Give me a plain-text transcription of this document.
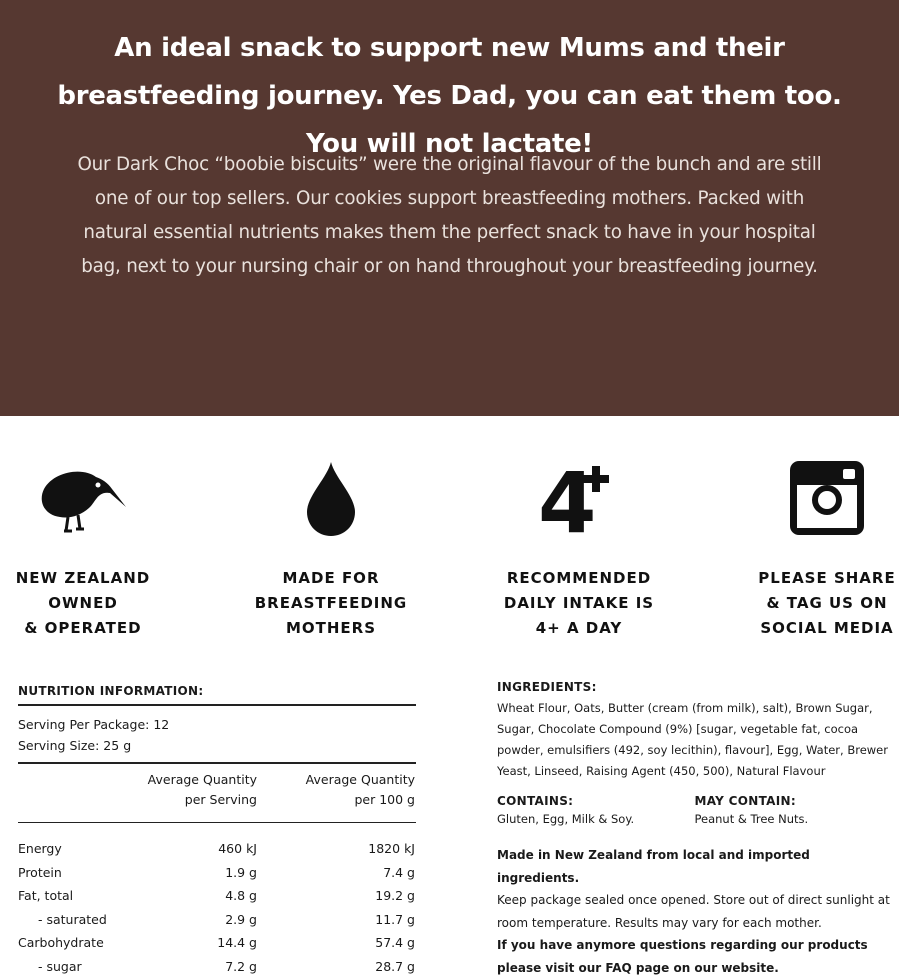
An ideal snack to support new Mums and their breastfeeding journey. Yes Dad, you can eat them too. You will not lactate!

Our Dark Choc “boobie biscuits” were the original flavour of the bunch and are still one of our top sellers. Our cookies support breastfeeding mothers. Packed with natural essential nutrients makes them the perfect snack to have in your hospital bag, next to your nursing chair or on hand throughout your breastfeeding journey.

NEW ZEALAND
OWNED
& OPERATED
MADE FOR
BREASTFEEDING
MOTHERS
4
RECOMMENDED
DAILY INTAKE IS
4+ A DAY
PLEASE SHARE
& TAG US ON
SOCIAL MEDIA
NUTRITION INFORMATION:
Serving Per Package: 12
Serving Size: 25 g
Average Quantity
per Serving
Average Quantity
per 100 g
Energy	460 kJ	1820 kJ
Protein	1.9 g	7.4 g
Fat, total	4.8 g	19.2 g
- saturated	2.9 g	11.7 g
Carbohydrate	14.4 g	57.4 g
- sugar	7.2 g	28.7 g
INGREDIENTS:
Wheat Flour, Oats, Butter (cream (from milk), salt), Brown Sugar, Sugar, Chocolate Compound (9%) [sugar, vegetable fat, cocoa powder, emulsifiers (492, soy lecithin), flavour], Egg, Water, Brewer Yeast, Linseed, Raising Agent (450, 500), Natural Flavour
CONTAINS:
Gluten, Egg, Milk & Soy.
MAY CONTAIN:
Peanut & Tree Nuts.
Made in New Zealand from local and imported ingredients.
Keep package sealed once opened. Store out of direct sunlight at room temperature. Results may vary for each mother.
If you have anymore questions regarding our products please visit our FAQ page on our website.
